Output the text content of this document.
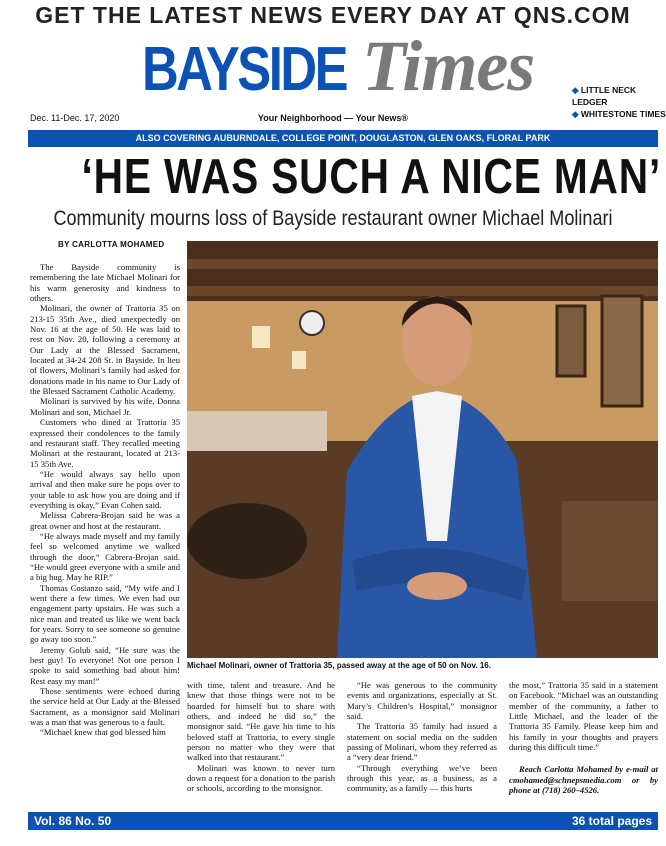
GET THE LATEST NEWS EVERY DAY AT QNS.COM
BAYSIDE Times	◆ LITTLE NECK LEDGER
◆ WHITESTONE TIMES
Dec. 11-Dec. 17, 2020	Your Neighborhood — Your News®
ALSO COVERING AUBURNDALE, COLLEGE POINT, DOUGLASTON, GLEN OAKS, FLORAL PARK
‘HE WAS SUCH A NICE MAN’
Community mourns loss of Bayside restaurant owner Michael Molinari
BY CARLOTTA MOHAMED

The Bayside community is remembering the late Michael Molinari for his warm generosity and kindness to others.

Molinari, the owner of Trattoria 35 on 213-15 35th Ave., died unexpectedly on Nov. 16 at the age of 50. He was laid to rest on Nov. 20, following a ceremony at Our Lady at the Blessed Sacrament, located at 34-24 208 St. in Bayside. In lieu of flowers, Molinari’s family had asked for donations made in his name to Our Lady of the Blessed Sacrament Catholic Academy.

Molinari is survived by his wife, Donna Molinari and son, Michael Jr.

Customers who dined at Trattoria 35 expressed their condolences to the family and restaurant staff. They recalled meeting Molinari at the restaurant, located at 213-15 35th Ave.

“He would always say hello upon arrival and then make sure he pops over to your table to ask how you are doing and if everything is okay,” Evan Cohen said.

Melissa Cabrera-Brojan said he was a great owner and host at the restaurant.

“He always made myself and my family feel so welcomed anytime we walked through the door,” Cabrera-Brojan said. “He would greet everyone with a smile and a big hug. May he RIP.”

Thomas Costanzo said, “My wife and I went there a few times. We even had our engagement party upstairs. He was such a nice man and treated us like we went back for years. Sorry to see someone so genuine go away too soon.”

Jeremy Golub said, “He sure was the best guy! To everyone! Not one person I spoke to said something bad about him! Rest easy my man!”

Those sentiments were echoed during the service held at Our Lady at the Blessed Sacrament, as a monsignor said Molinari was a man that was generous to a fault.

“Michael knew that god blessed him

Michael Molinari, owner of Trattoria 35, passed away at the age of 50 on Nov. 16.

with time, talent and treasure. And he knew that those things were not to be hoarded for himself but to share with others, and indeed he did so,” the monsignor said. “He gave his time to his beloved staff at Trattoria, to every single person no matter who they were that walked into that restaurant.”

Molinari was known to never turn down a request for a donation to the parish or schools, according to the monsignor.

“He was generous to the community events and organizations, especially at St. Mary’s Children’s Hospital,” monsignor said.

The Trattoria 35 family had issued a statement on social media on the sudden passing of Molinari, whom they referred as a “very dear friend.”

“Through everything we’ve been through this year, as a business, as a community, as a family — this hurts

the most,” Trattoria 35 said in a statement on Facebook. “Michael was an outstanding member of the community, a father to Little Michael, and the leader of the Trattoria 35 Family. Please keep him and his family in your thoughts and prayers during this difficult time.”

Reach Carlotta Mohamed by e-mail at cmohamed@schnepsmedia.com or by phone at (718) 260–4526.

Vol. 86 No. 50	36 total pages
